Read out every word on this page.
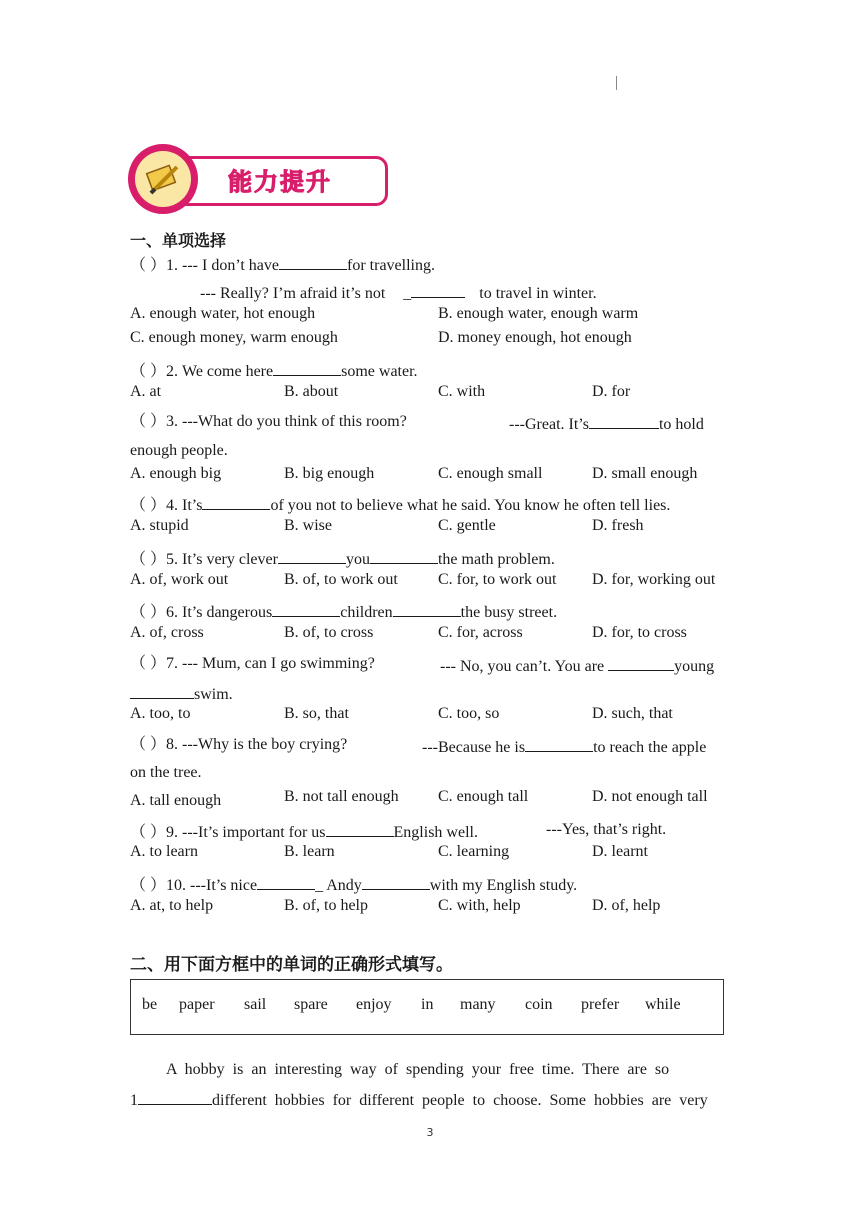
能力提升
一、单项选择
（ ）1. --- I don’t have	for travelling.
--- Really? I’m afraid it’s not _	to travel in winter.
A. enough water, hot enough	B. enough water, enough warm
C. enough money, warm enough	D. money enough, hot enough
（ ）2. We come here	some water.
A. at	B. about	C. with	D. for
（ ）3. ---What do you think of this room?	---Great. It’s	to hold
enough people.
A. enough big	B. big enough	C. enough small	D. small enough
（ ）4. It’s	of you not to believe what he said. You know he often tell lies.
A. stupid	B. wise	C. gentle	D. fresh
（ ）5. It’s very clever	you	the math problem.
A. of, work out	B. of, to work out	C. for, to work out D. for, working out
（ ）6. It’s dangerous	children	the busy street.
A. of, cross	B. of, to cross	C. for, across	D. for, to cross
（ ）7. --- Mum, can I go swimming?	--- No, you can’t. You are	young
swim.
A. too, to	B. so, that	C. too, so	D. such, that
（ ）8. ---Why is the boy crying?	---Because he is	to reach the apple
on the tree.
A. tall enough	B. not tall enough C. enough tall	D. not enough tall
（ ）9. ---It’s important for us	English well.	---Yes, that’s right.
A. to learn	B. learn	C. learning	D. learnt
（ ）10. ---It’s nice	_ Andy	with my English study.
A. at, to help	B. of, to help	C. with, help	D. of, help
二、用下面方框中的单词的正确形式填写。
be paper sail spare enjoy in many coin prefer while
A  hobby  is  an  interesting  way  of  spending  your  free  time.  There  are  so
1	different  hobbies  for  different  people  to  choose.  Some  hobbies  are  very
3
